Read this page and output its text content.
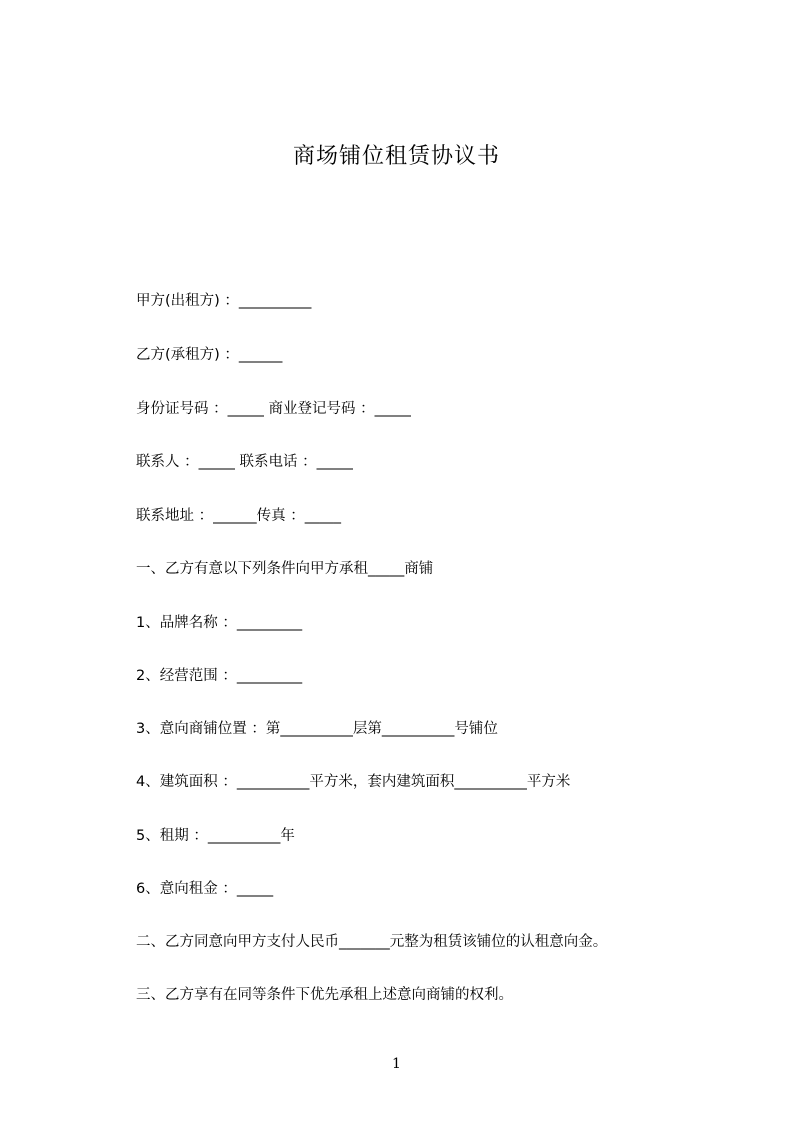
商场铺位租赁协议书
甲方(出租方) ：__________
乙方(承租方) ：______
身份证号码 ：_____ 商业登记号码 ：_____
联系人 ：_____ 联系电话 ：_____
联系地址 ：______传真 ：_____
一、乙方有意以下列条件向甲方承租_____商铺
1、品牌名称 ：_________
2、经营范围 ：_________
3、意向商铺位置 ：第__________层第__________号铺位
4、建筑面积 ：__________平方米，套内建筑面积__________平方米
5、租期 ：__________年
6、意向租金 ：_____
二、乙方同意向甲方支付人民币_______元整为租赁该铺位的认租意向金。
三、乙方享有在同等条件下优先承租上述意向商铺的权利。
1
